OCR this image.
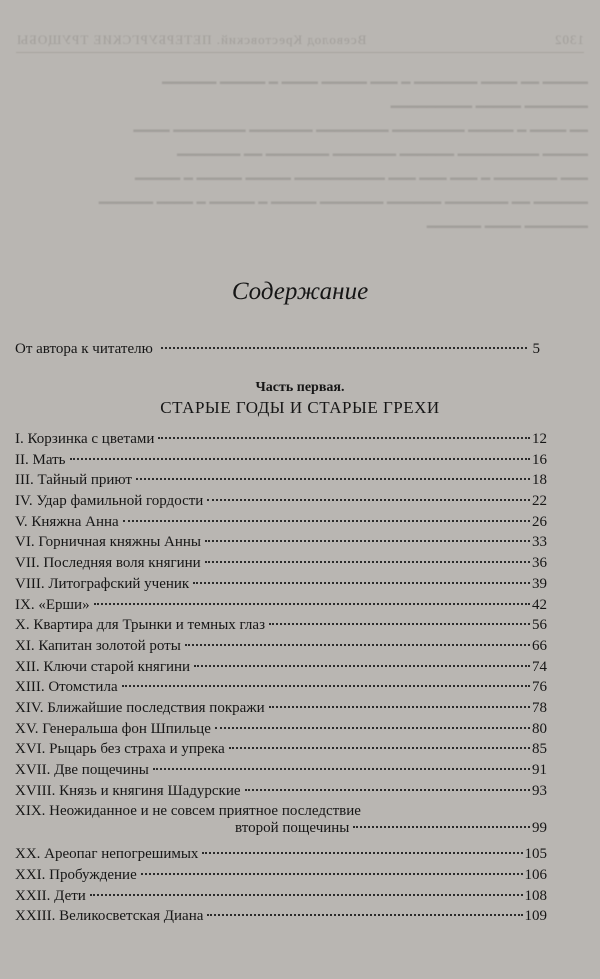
1302
Всеволод Крестовский. ПЕТЕРБУРГСКИЕ ТРУЩОБЫ
━━━━━ ━━ ━━━━ ━━━━━━━ ━ ━━━ ━━━━━ ━━━━ ━ ━━━━━ ━━━━━━
━━━━━━━ ━━━━━ ━━━━━━━━━
━━ ━━━━ ━ ━━━━━ ━━━━━━━━ ━━━━━━━━ ━━━━━━━ ━━━━━━━━ ━━━━
━━━━━ ━━━━━━━━━ ━━━━━━ ━━━━━━━ ━━━━━━━ ━━ ━━━━━━━
━━━ ━━━━━━━ ━ ━━━ ━━━ ━━━ ━━━━━━━━━━ ━━━━━ ━━━━━ ━ ━━━━━
━━━━━━ ━━ ━━━━━━━ ━━━━━━ ━━━━━━━ ━━━━━ ━ ━━━━━ ━ ━━━━ ━━━━━━
━━━━━━━ ━━━━ ━━━━━━
Содержание
От автора к читателю	5
Часть первая.
СТАРЫЕ ГОДЫ И СТАРЫЕ ГРЕХИ
I. Корзинка с цветами	12
II. Мать	16
III. Тайный приют	18
IV. Удар фамильной гордости	22
V. Княжна Анна	26
VI. Горничная княжны Анны	33
VII. Последняя воля княгини	36
VIII. Литографский ученик	39
IX. «Ерши»	42
X. Квартира для Трынки и темных глаз	56
XI. Капитан золотой роты	66
XII. Ключи старой княгини	74
XIII. Отомстила	76
XIV. Ближайшие последствия покражи	78
XV. Генеральша фон Шпильце	80
XVI. Рыцарь без страха и упрека	85
XVII. Две пощечины	91
XVIII. Князь и княгиня Шадурские	93
XIX. Неожиданное и не совсем приятное последствие
второй пощечины	99
XX. Ареопаг непогрешимых	105
XXI. Пробуждение	106
XXII. Дети	108
XXIII. Великосветская Диана	109
